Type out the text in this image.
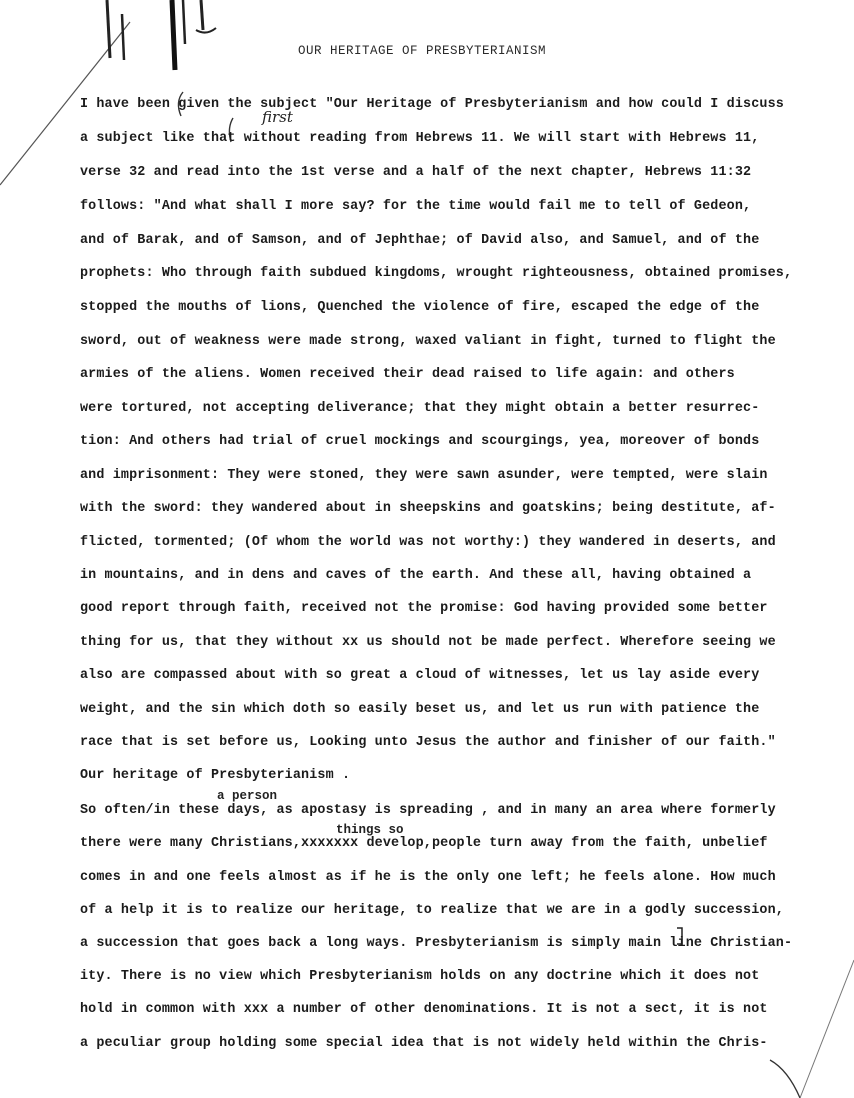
OUR HERITAGE OF PRESBYTERIANISM
first
a person
things so
I have been given the subject "Our Heritage of Presbyterianism and how could I discuss
a subject like that without reading from Hebrews 11. We will start with Hebrews 11,
verse 32 and read into the 1st verse and a half of the next chapter, Hebrews 11:32
follows: "And what shall I more say? for the time would fail me to tell of Gedeon,
and of Barak, and of Samson, and of Jephthae; of David also, and Samuel, and of the
prophets: Who through faith subdued kingdoms, wrought righteousness, obtained promises,
stopped the mouths of lions, Quenched the violence of fire, escaped the edge of the
sword, out of weakness were made strong, waxed valiant in fight, turned to flight the
armies of the aliens. Women received their dead raised to life again: and others
were tortured, not accepting deliverance; that they might obtain a better resurrec-
tion: And others had trial of cruel mockings and scourgings, yea, moreover of bonds
and imprisonment: They were stoned, they were sawn asunder, were tempted, were slain
with the sword: they wandered about in sheepskins and goatskins; being destitute, af-
flicted, tormented; (Of whom the world was not worthy:) they wandered in deserts, and
in mountains, and in dens and caves of the earth. And these all, having obtained a
good report through faith, received not the promise: God having provided some better
thing for us, that they without xx us should not be made perfect. Wherefore seeing we
also are compassed about with so great a cloud of witnesses, let us lay aside every
weight, and the sin which doth so easily beset us, and let us run with patience the
race that is set before us, Looking unto Jesus the author and finisher of our faith."
Our heritage of Presbyterianism .
So often/in these days, as apostasy is spreading , and in many an area where formerly
there were many Christians,xxxxxxx develop,people turn away from the faith, unbelief
comes in and one feels almost as if he is the only one left; he feels alone. How much
of a help it is to realize our heritage, to realize that we are in a godly succession,
a succession that goes back a long ways. Presbyterianism is simply main line Christian-
ity. There is no view which Presbyterianism holds on any doctrine which it does not
hold in common with xxx a number of other denominations. It is not a sect, it is not
a peculiar group holding some special idea that is not widely held within the Chris-
